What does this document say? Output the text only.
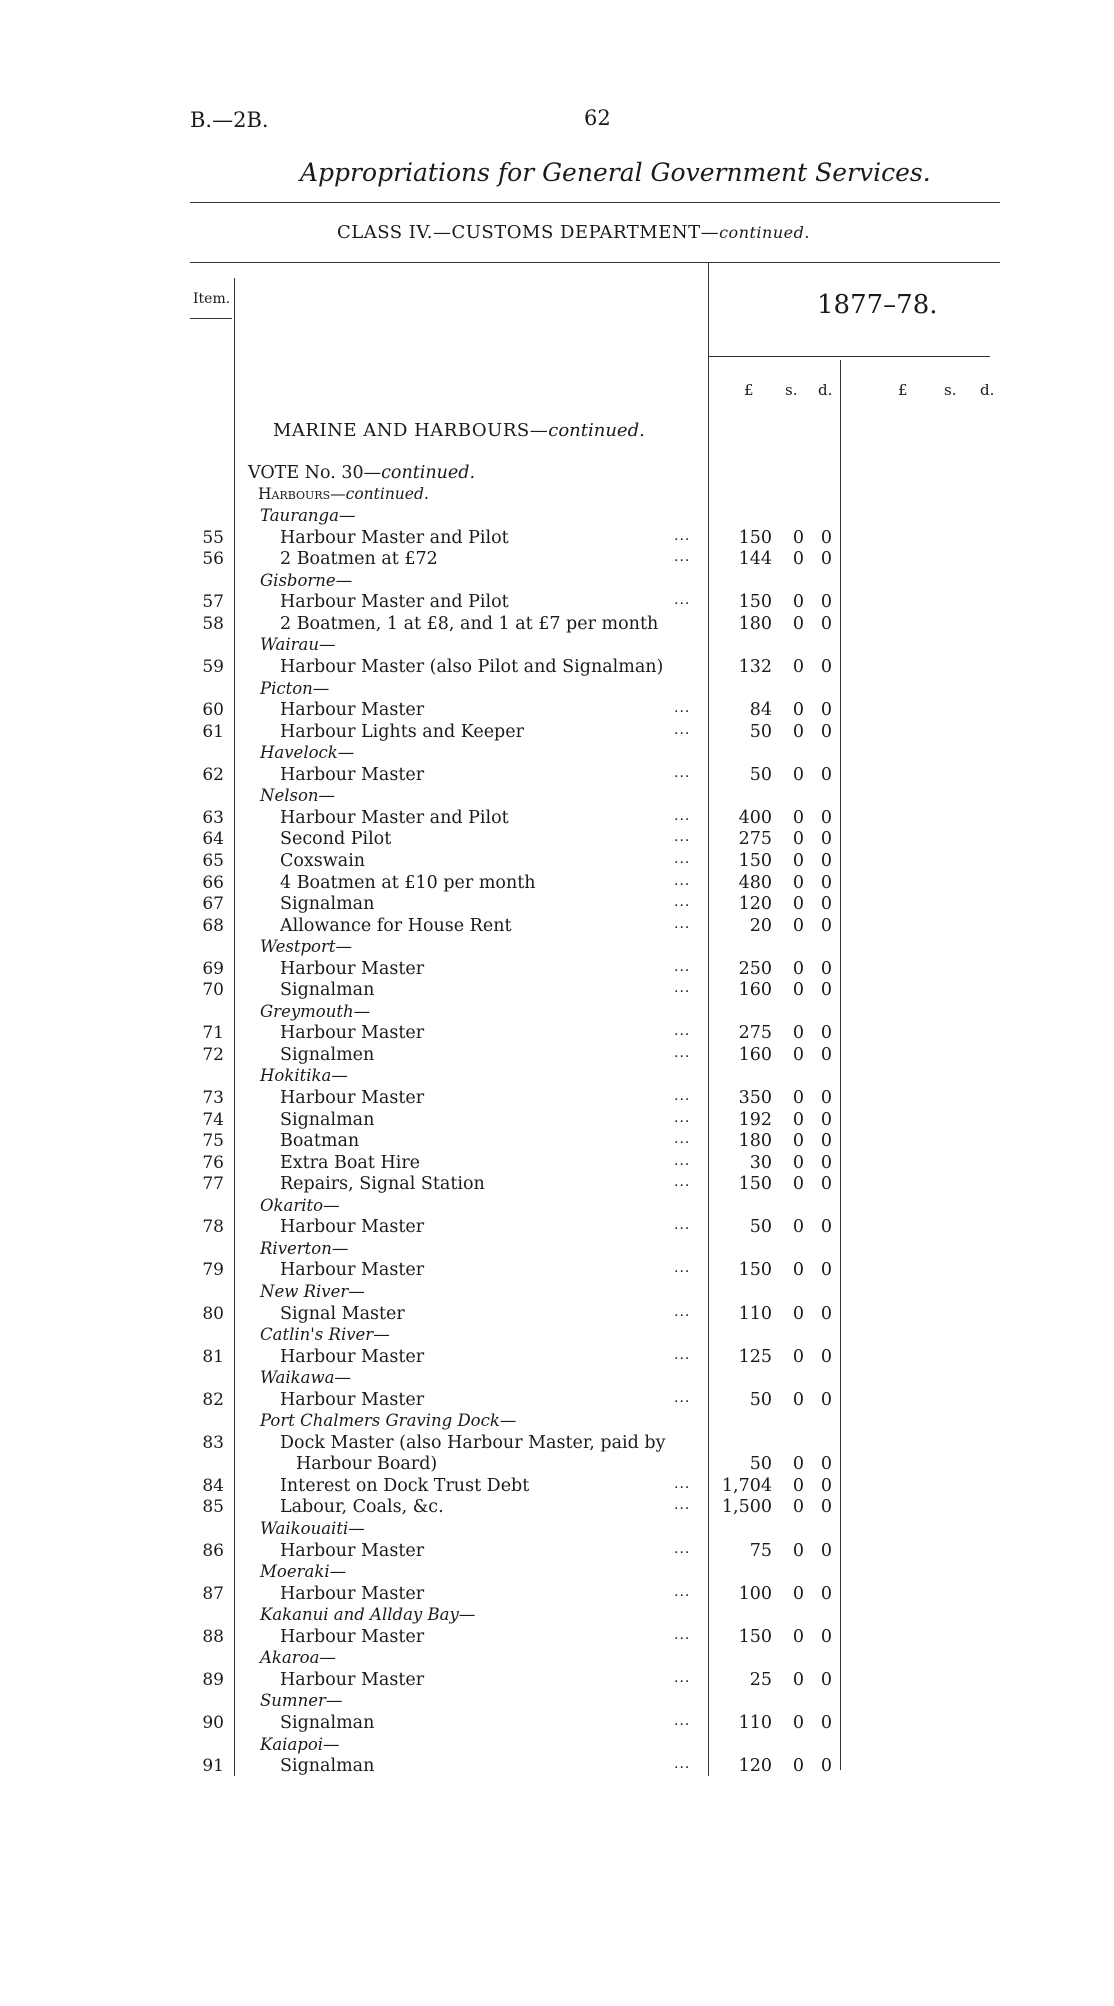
B.—2B.	62
Appropriations for General Government Services.
CLASS IV.—CUSTOMS DEPARTMENT—continued.
Item.	1877–78.
£ s. d.	£ s. d.
MARINE AND HARBOURS—continued.
VOTE No. 30—continued.
Harbours—continued.
Tauranga—
55	Harbour Master and Pilot	...	150	0 0
56	2 Boatmen at £72	...	144	0 0
Gisborne—
57	Harbour Master and Pilot	...	150	0 0
58	2 Boatmen, 1 at £8, and 1 at £7 per month	180	0 0
Wairau—
59	Harbour Master (also Pilot and Signalman)	132	0 0
Picton—
60	Harbour Master	...	84	0 0
61	Harbour Lights and Keeper	...	50	0 0
Havelock—
62	Harbour Master	...	50	0 0
Nelson—
63	Harbour Master and Pilot	...	400	0 0
64	Second Pilot	...	275	0 0
65	Coxswain	...	150	0 0
66	4 Boatmen at £10 per month	...	480	0 0
67	Signalman	...	120	0 0
68	Allowance for House Rent	...	20	0 0
Westport—
69	Harbour Master	...	250	0 0
70	Signalman	...	160	0 0
Greymouth—
71	Harbour Master	...	275	0 0
72	Signalmen	...	160	0 0
Hokitika—
73	Harbour Master	...	350	0 0
74	Signalman	...	192	0 0
75	Boatman	...	180	0 0
76	Extra Boat Hire	...	30	0 0
77	Repairs, Signal Station	...	150	0 0
Okarito—
78	Harbour Master	...	50	0 0
Riverton—
79	Harbour Master	...	150	0 0
New River—
80	Signal Master	...	110	0 0
Catlin's River—
81	Harbour Master	...	125	0 0
Waikawa—
82	Harbour Master	...	50	0 0
Port Chalmers Graving Dock—
83	Dock Master (also Harbour Master, paid by
Harbour Board)	50	0 0
84	Interest on Dock Trust Debt	...	1,704	0 0
85	Labour, Coals, &c.	...	1,500	0 0
Waikouaiti—
86	Harbour Master	...	75	0 0
Moeraki—
87	Harbour Master	...	100	0 0
Kakanui and Allday Bay—
88	Harbour Master	...	150	0 0
Akaroa—
89	Harbour Master	...	25	0 0
Sumner—
90	Signalman	...	110	0 0
Kaiapoi—
91	Signalman	...	120	0 0
